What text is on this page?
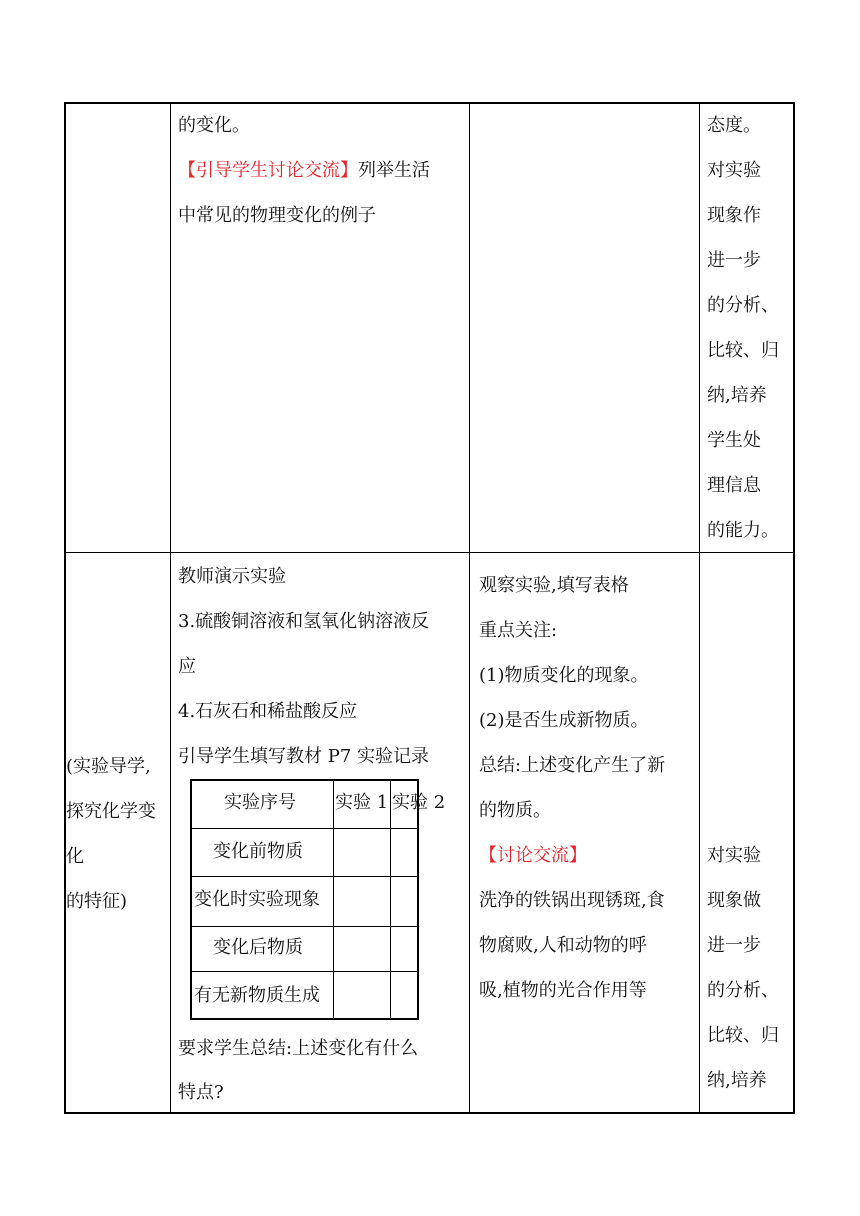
的变化。
【引导学生讨论交流】列举生活
中常见的物理变化的例子
态度。
对实验
现象作
进一步
的分析、
比较、归
纳,培养
学生处
理信息
的能力。
(实验导学,
探究化学变
化
的特征)
教师演示实验
3.硫酸铜溶液和氢氧化钠溶液反
应
4.石灰石和稀盐酸反应
引导学生填写教材 P7 实验记录
要求学生总结:上述变化有什么
特点?
实验序号 实验 1 实验 2
变化前物质
变化时实验现象
变化后物质
有无新物质生成
观察实验,填写表格
重点关注:
(1)物质变化的现象。
(2)是否生成新物质。
总结:上述变化产生了新
的物质。
【讨论交流】
洗净的铁锅出现锈斑,食
物腐败,人和动物的呼
吸,植物的光合作用等
对实验
现象做
进一步
的分析、
比较、归
纳,培养
